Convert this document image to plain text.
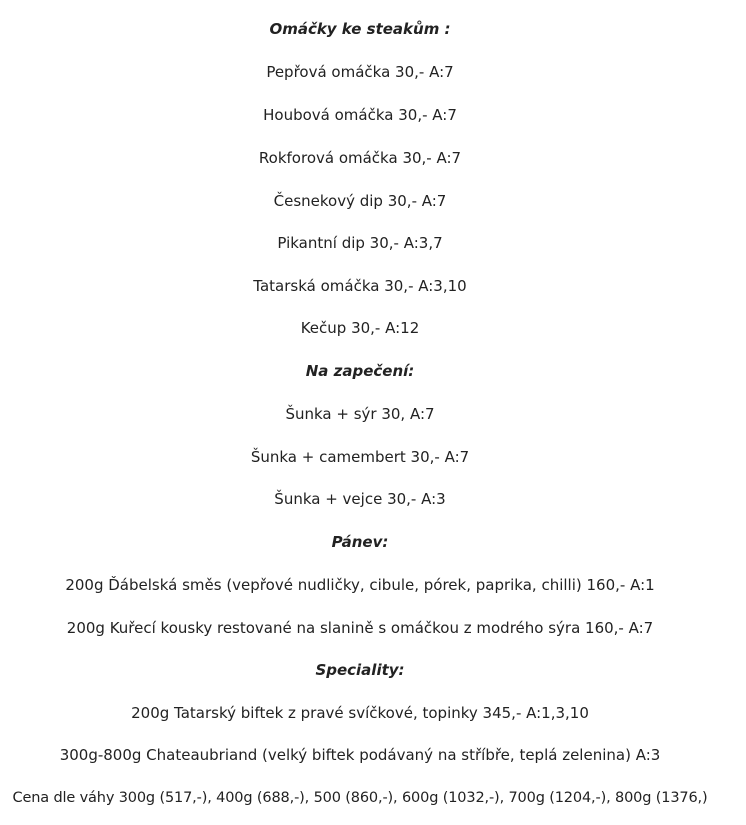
Omáčky ke steakům :
Pepřová omáčka 30,- A:7
Houbová omáčka 30,- A:7
Rokforová omáčka 30,- A:7
Česnekový dip 30,- A:7
Pikantní dip 30,- A:3,7
Tatarská omáčka 30,- A:3,10
Kečup 30,- A:12
Na zapečení:
Šunka + sýr 30, A:7
Šunka + camembert 30,- A:7
Šunka + vejce 30,- A:3
Pánev:
200g Ďábelská směs (vepřové nudličky, cibule, pórek, paprika, chilli) 160,- A:1
200g Kuřecí kousky restované na slanině s omáčkou z modrého sýra 160,- A:7
Speciality:
200g Tatarský biftek z pravé svíčkové, topinky 345,- A:1,3,10
300g-800g Chateaubriand (velký biftek podávaný na stříbře, teplá zelenina) A:3
Cena dle váhy 300g (517,-), 400g (688,-), 500 (860,-), 600g (1032,-), 700g (1204,-), 800g (1376,)
